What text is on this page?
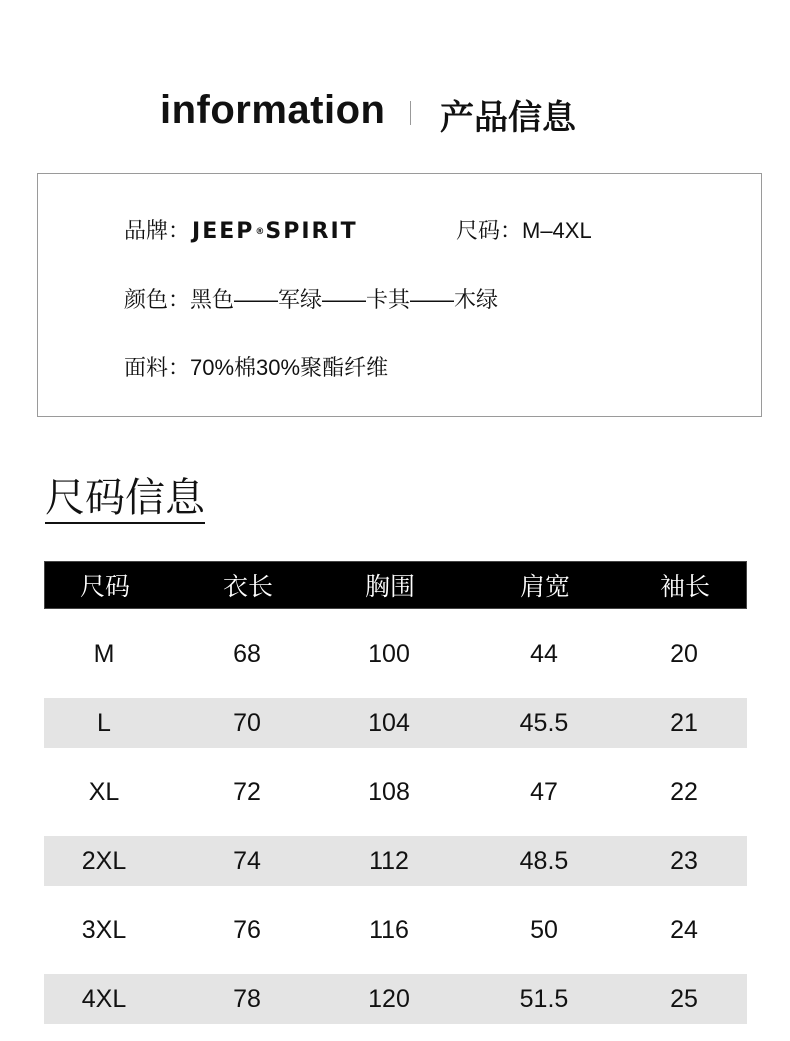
information 产品信息
品牌：JEEP®SPIRIT	尺码：M–4XL
颜色：黑色——军绿——卡其——木绿
面料：70%棉30%聚酯纤维
尺码信息
尺码	衣长	胸围	肩宽	袖长
M	68	100	44	20
L	70	104	45.5	21
XL	72	108	47	22
2XL	74	112	48.5	23
3XL	76	116	50	24
4XL	78	120	51.5	25
